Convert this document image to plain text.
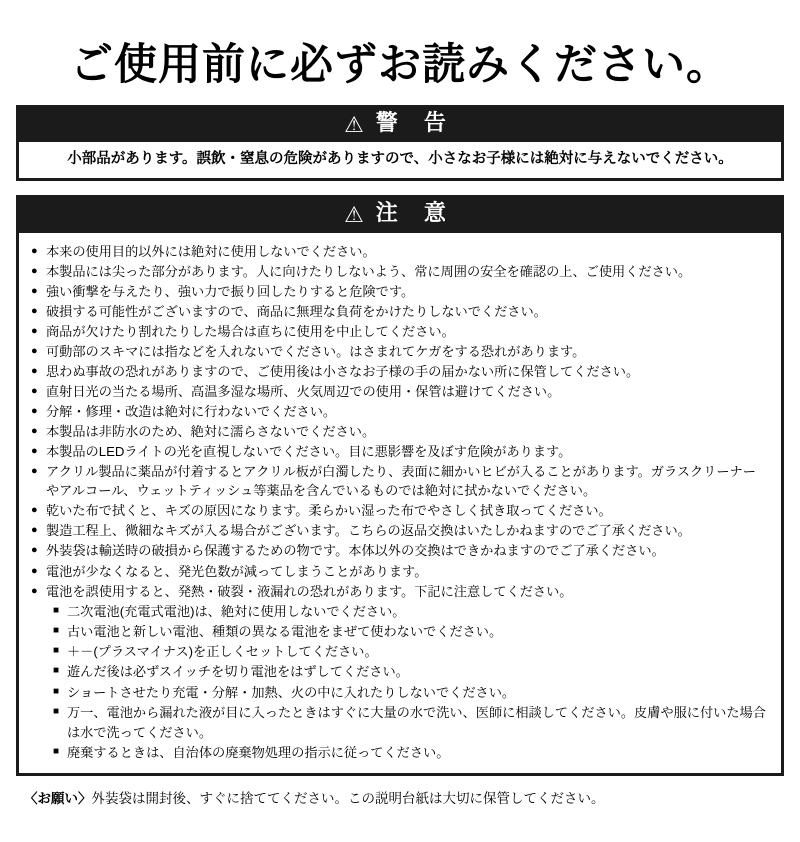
ご使用前に必ずお読みください。
⚠ 警 告
小部品があります。誤飲・窒息の危険がありますので、小さなお子様には絶対に与えないでください。
⚠ 注 意
● 本来の使用目的以外には絶対に使用しないでください。
● 本製品には尖った部分があります。人に向けたりしないよう、常に周囲の安全を確認の上、ご使用ください。
● 強い衝撃を与えたり、強い力で振り回したりすると危険です。
● 破損する可能性がございますので、商品に無理な負荷をかけたりしないでください。
● 商品が欠けたり割れたりした場合は直ちに使用を中止してください。
● 可動部のスキマには指などを入れないでください。はさまれてケガをする恐れがあります。
● 思わぬ事故の恐れがありますので、ご使用後は小さなお子様の手の届かない所に保管してください。
● 直射日光の当たる場所、高温多湿な場所、火気周辺での使用・保管は避けてください。
● 分解・修理・改造は絶対に行わないでください。
● 本製品は非防水のため、絶対に濡らさないでください。
● 本製品のLEDライトの光を直視しないでください。目に悪影響を及ぼす危険があります。
● アクリル製品に薬品が付着するとアクリル板が白濁したり、表面に細かいヒビが入ることがあります。ガラスクリーナーやアルコール、ウェットティッシュ等薬品を含んでいるものでは絶対に拭かないでください。
● 乾いた布で拭くと、キズの原因になります。柔らかい湿った布でやさしく拭き取ってください。
● 製造工程上、微細なキズが入る場合がございます。こちらの返品交換はいたしかねますのでご了承ください。
● 外装袋は輸送時の破損から保護するための物です。本体以外の交換はできかねますのでご了承ください。
● 電池が少なくなると、発光色数が減ってしまうことがあります。
● 電池を誤使用すると、発熱・破裂・液漏れの恐れがあります。下記に注意してください。
■ 二次電池(充電式電池)は、絶対に使用しないでください。
■ 古い電池と新しい電池、種類の異なる電池をまぜて使わないでください。
■ ＋－(プラスマイナス)を正しくセットしてください。
■ 遊んだ後は必ずスイッチを切り電池をはずしてください。
■ ショートさせたり充電・分解・加熱、火の中に入れたりしないでください。
■ 万一、電池から漏れた液が目に入ったときはすぐに大量の水で洗い、医師に相談してください。皮膚や服に付いた場合は水で洗ってください。
■ 廃棄するときは、自治体の廃棄物処理の指示に従ってください。
〈お願い〉外装袋は開封後、すぐに捨ててください。この説明台紙は大切に保管してください。
